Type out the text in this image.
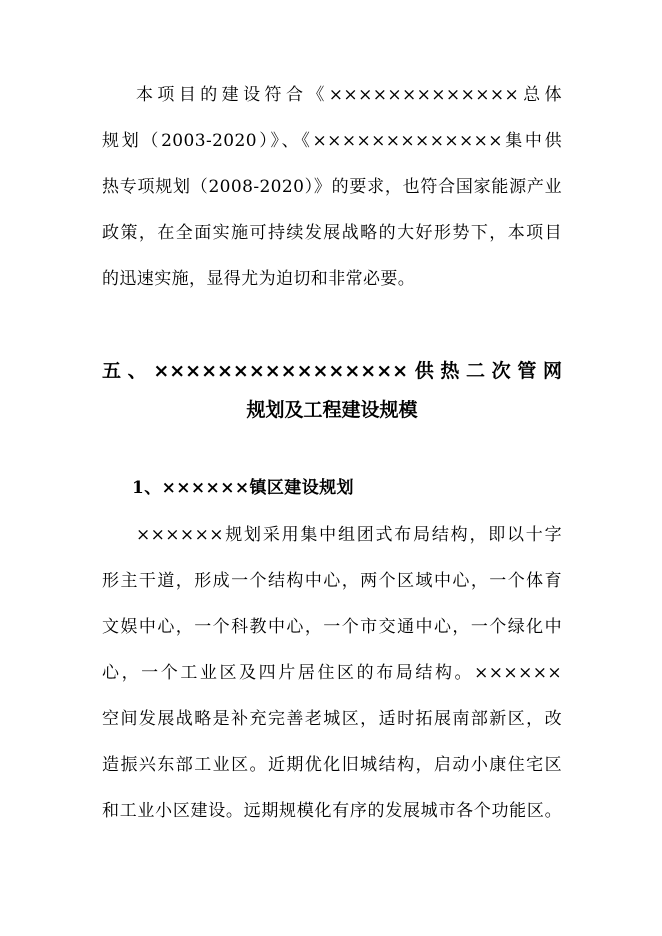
本项目的建设符合《×××××××××××××总体
规划（2003-2020）》、《×××××××××××××集中供
热专项规划（2008-2020）》的要求，也符合国家能源产业
政策，在全面实施可持续发展战略的大好形势下，本项目
的迅速实施，显得尤为迫切和非常必要。
五、××××××××××××××××供热二次管网
规划及工程建设规模
1、××××××镇区建设规划
××××××规划采用集中组团式布局结构，即以十字
形主干道，形成一个结构中心，两个区域中心，一个体育
文娱中心，一个科教中心，一个市交通中心，一个绿化中
心，一个工业区及四片居住区的布局结构。××××××
空间发展战略是补充完善老城区，适时拓展南部新区，改
造振兴东部工业区。近期优化旧城结构，启动小康住宅区
和工业小区建设。远期规模化有序的发展城市各个功能区。
